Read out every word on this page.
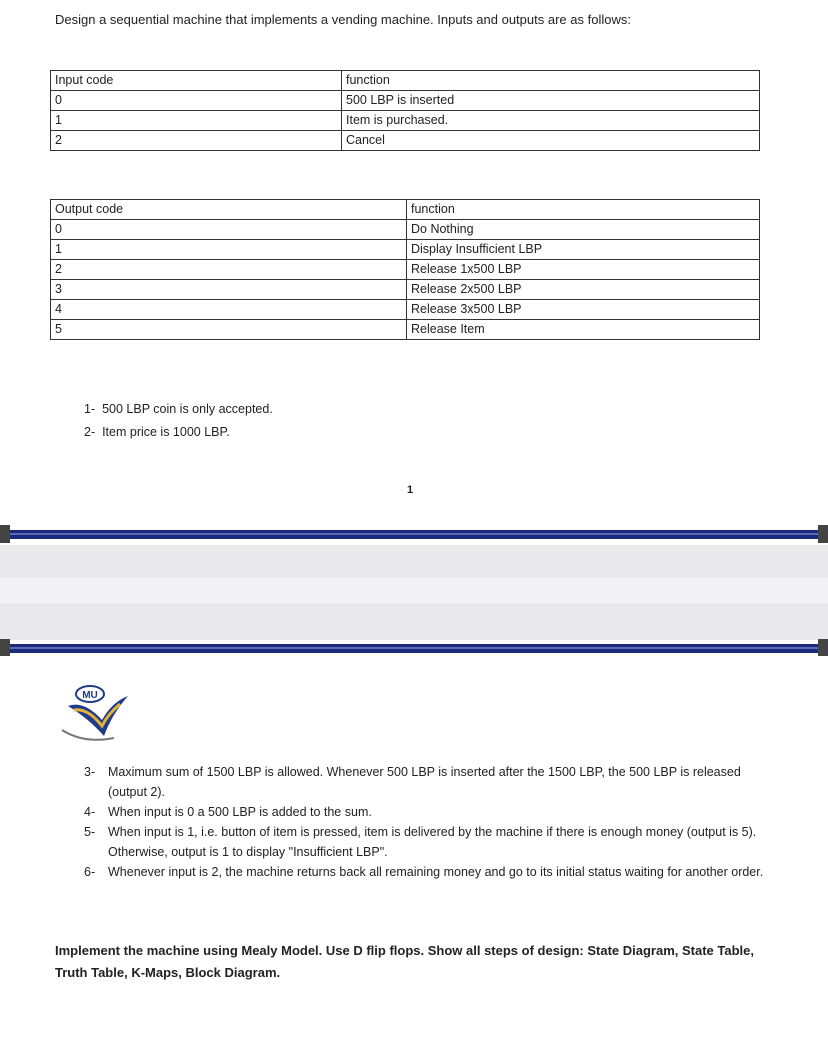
Design a sequential machine that implements a vending machine. Inputs and outputs are as follows:
Input code	function
0	500 LBP is inserted
1	Item is purchased.
2	Cancel
Output code	function
0	Do Nothing
1	Display Insufficient LBP
2	Release 1x500 LBP
3	Release 2x500 LBP
4	Release 3x500 LBP
5	Release Item
1- 500 LBP coin is only accepted.
2- Item price is 1000 LBP.
1
MU
3-	Maximum sum of 1500 LBP is allowed. Whenever 500 LBP is inserted after the 1500 LBP, the 500 LBP is released (output 2).
4-	When input is 0 a 500 LBP is added to the sum.
5-	When input is 1, i.e. button of item is pressed, item is delivered by the machine if there is enough money (output is 5). Otherwise, output is 1 to display "Insufficient LBP".
6-	Whenever input is 2, the machine returns back all remaining money and go to its initial status waiting for another order.
Implement the machine using Mealy Model. Use D flip flops. Show all steps of design: State Diagram, State Table, Truth Table, K-Maps, Block Diagram.
